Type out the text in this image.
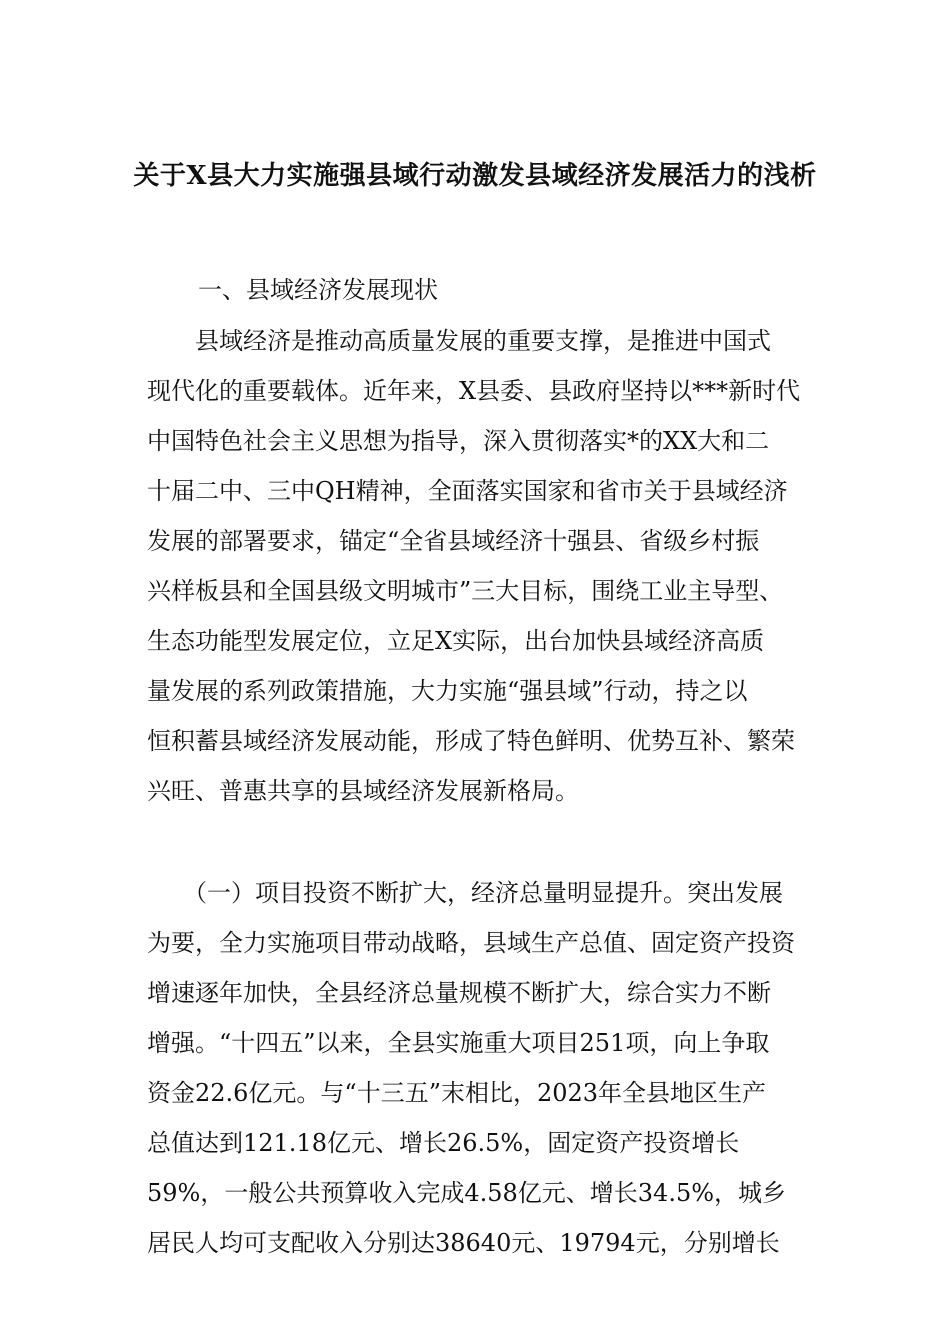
关于X县大力实施强县域行动激发县域经济发展活力的浅析
一、县域经济发展现状
　　县域经济是推动高质量发展的重要支撑，是推进中国式
现代化的重要载体。近年来，X县委、县政府坚持以***新时代
中国特色社会主义思想为指导，深入贯彻落实*的XX大和二
十届二中、三中QH精神，全面落实国家和省市关于县域经济
发展的部署要求，锚定“全省县域经济十强县、省级乡村振
兴样板县和全国县级文明城市”三大目标，围绕工业主导型、
生态功能型发展定位，立足X实际，出台加快县域经济高质
量发展的系列政策措施，大力实施“强县域”行动，持之以
恒积蓄县域经济发展动能，形成了特色鲜明、优势互补、繁荣
兴旺、普惠共享的县域经济发展新格局。
　　（一）项目投资不断扩大，经济总量明显提升。突出发展
为要，全力实施项目带动战略，县域生产总值、固定资产投资
增速逐年加快，全县经济总量规模不断扩大，综合实力不断
增强。“十四五”以来，全县实施重大项目251项，向上争取
资金22.6亿元。与“十三五”末相比，2023年全县地区生产
总值达到121.18亿元、增长26.5%，固定资产投资增长
59%，一般公共预算收入完成4.58亿元、增长34.5%，城乡
居民人均可支配收入分别达38640元、19794元，分别增长
